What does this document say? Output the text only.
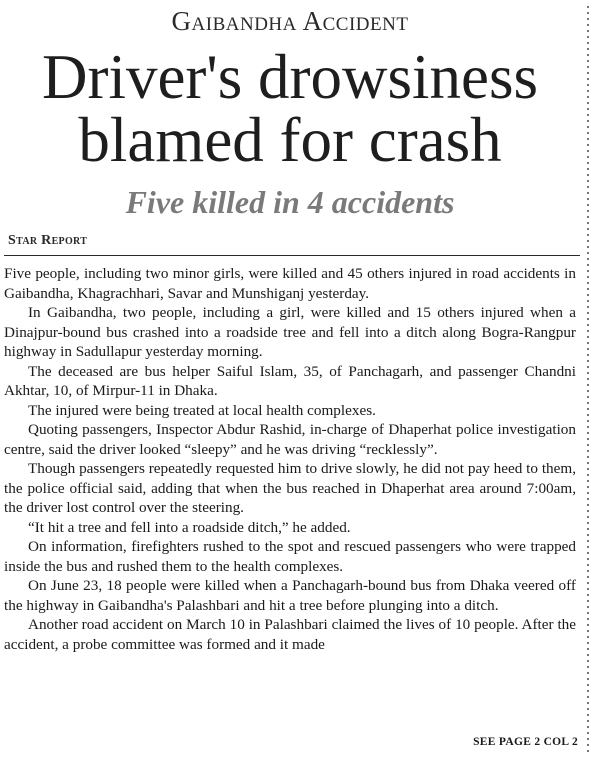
Gaibandha Accident
Driver's drowsiness blamed for crash
Five killed in 4 accidents
Star Report

Five people, including two minor girls, were killed and 45 others injured in road accidents in Gaibandha, Khagrachhari, Savar and Munshiganj yesterday.

In Gaibandha, two people, including a girl, were killed and 15 others injured when a Dinajpur-bound bus crashed into a roadside tree and fell into a ditch along Bogra-Rangpur highway in Sadullapur yesterday morning.

The deceased are bus helper Saiful Islam, 35, of Panchagarh, and passenger Chandni Akhtar, 10, of Mirpur-11 in Dhaka.

The injured were being treated at local health complexes.

Quoting passengers, Inspector Abdur Rashid, in-charge of Dhaperhat police investigation centre, said the driver looked “sleepy” and he was driving “recklessly”.

Though passengers repeatedly requested him to drive slowly, he did not pay heed to them, the police official said, adding that when the bus reached in Dhaperhat area around 7:00am, the driver lost control over the steering.

“It hit a tree and fell into a roadside ditch,” he added.

On information, firefighters rushed to the spot and rescued passengers who were trapped inside the bus and rushed them to the health complexes.

On June 23, 18 people were killed when a Panchagarh-bound bus from Dhaka veered off the highway in Gaibandha's Palashbari and hit a tree before plunging into a ditch.

Another road accident on March 10 in Palashbari claimed the lives of 10 people. After the accident, a probe committee was formed and it made

SEE PAGE 2 COL 2
